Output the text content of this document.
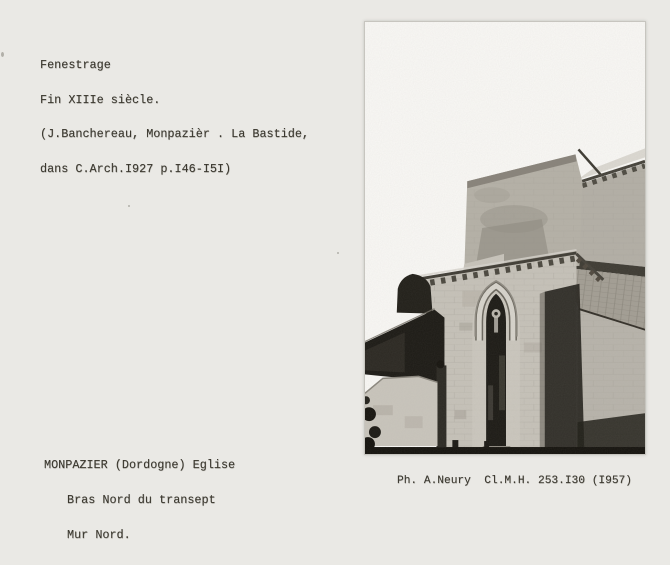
Fenestrage

Fin XIIIe siècle.

(J.Banchereau, Monpazièr . La Bastide,

dans C.Arch.I927 p.I46-I5I)

MONPAZIER (Dordogne) Eglise

Bras Nord du transept

Mur Nord.

Ph. A.Neury  Cl.M.H. 253.I30 (I957)
